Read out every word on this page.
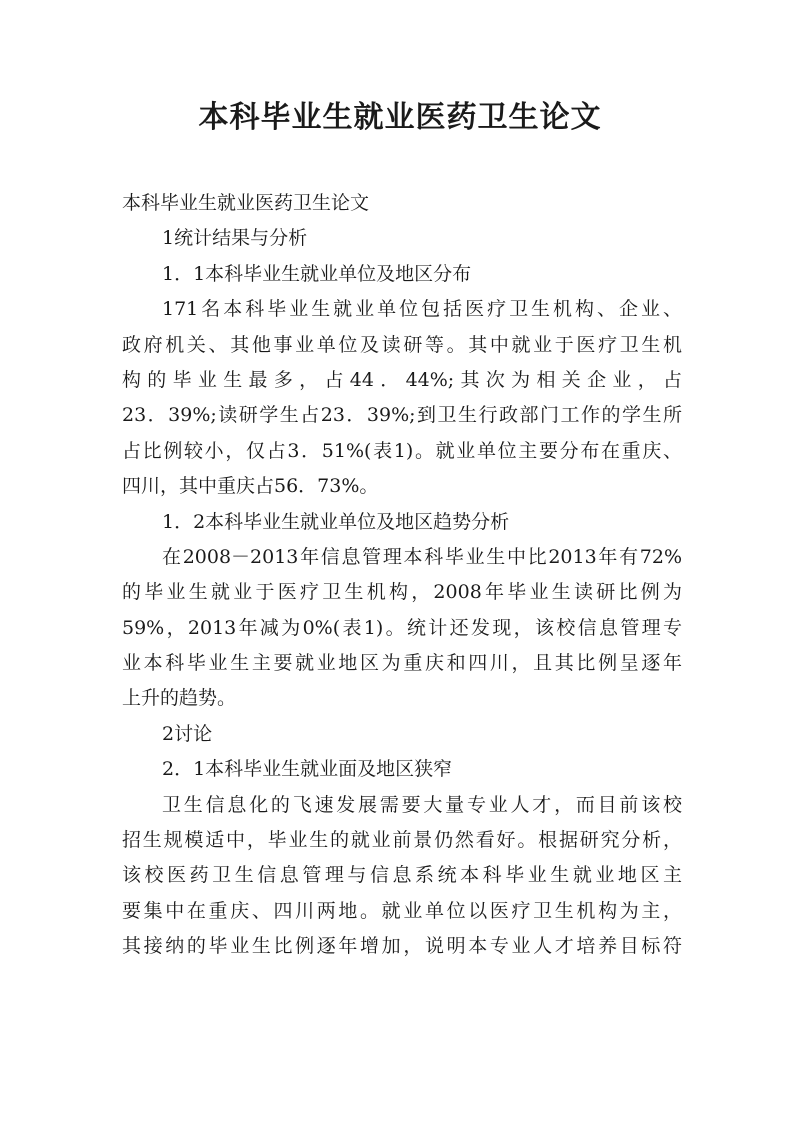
本科毕业生就业医药卫生论文
本科毕业生就业医药卫生论文
1统计结果与分析
1．1本科毕业生就业单位及地区分布
171名本科毕业生就业单位包括医疗卫生机构、企业、
政府机关、其他事业单位及读研等。其中就业于医疗卫生机
构的毕业生最多，占44．44%;其次为相关企业，占
23．39%;读研学生占23．39%;到卫生行政部门工作的学生所
占比例较小，仅占3．51%(表1)。就业单位主要分布在重庆、
四川，其中重庆占56．73%。
1．2本科毕业生就业单位及地区趋势分析
在2008－2013年信息管理本科毕业生中比2013年有72%
的毕业生就业于医疗卫生机构，2008年毕业生读研比例为
59%，2013年减为0%(表1)。统计还发现，该校信息管理专
业本科毕业生主要就业地区为重庆和四川，且其比例呈逐年
上升的趋势。
2讨论
2．1本科毕业生就业面及地区狭窄
卫生信息化的飞速发展需要大量专业人才，而目前该校
招生规模适中，毕业生的就业前景仍然看好。根据研究分析，
该校医药卫生信息管理与信息系统本科毕业生就业地区主
要集中在重庆、四川两地。就业单位以医疗卫生机构为主，
其接纳的毕业生比例逐年增加，说明本专业人才培养目标符
